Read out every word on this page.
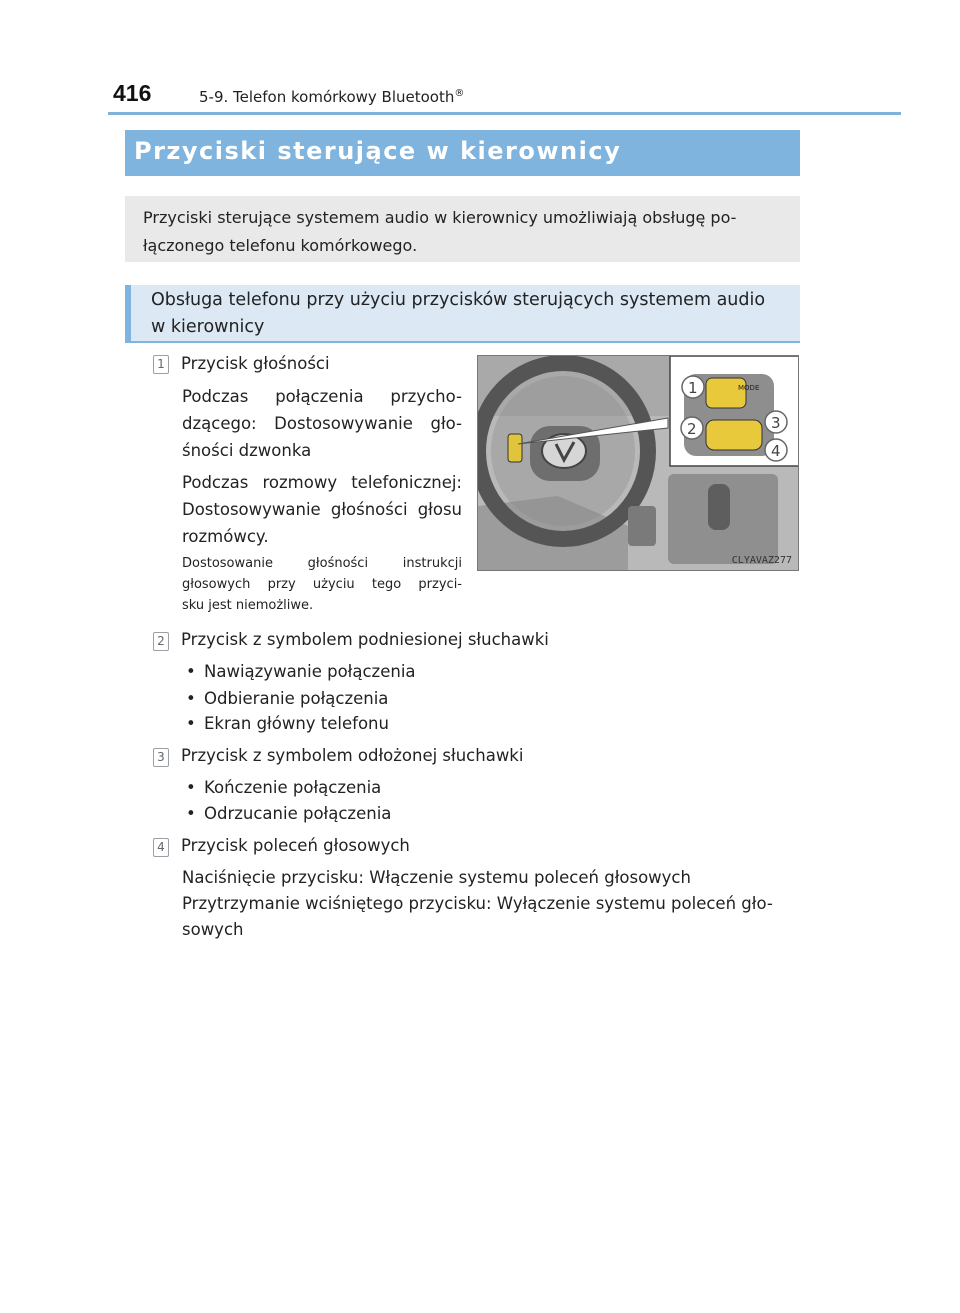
416	5-9. Telefon komórkowy Bluetooth®
Przyciski sterujące w kierownicy
Przyciski sterujące systemem audio w kierownicy umożliwiają obsługę po-
łączonego telefonu komórkowego.
Obsługa telefonu przy użyciu przycisków sterujących systemem audio
w kierownicy
1 Przycisk głośności
Podczas połączenia przycho-
dzącego: Dostosowywanie gło-
śności dzwonka
Podczas rozmowy telefonicznej:
Dostosowywanie głośności głosu
rozmówcy.
Dostosowanie głośności instrukcji
głosowych przy użyciu tego przyci-
sku jest niemożliwe.
MODE
1
2	3
4
CLYAVAZ277
2 Przycisk z symbolem podniesionej słuchawki
• Nawiązywanie połączenia
• Odbieranie połączenia
• Ekran główny telefonu
3 Przycisk z symbolem odłożonej słuchawki
• Kończenie połączenia
• Odrzucanie połączenia
4 Przycisk poleceń głosowych
Naciśnięcie przycisku: Włączenie systemu poleceń głosowych
Przytrzymanie wciśniętego przycisku: Wyłączenie systemu poleceń gło-
sowych
